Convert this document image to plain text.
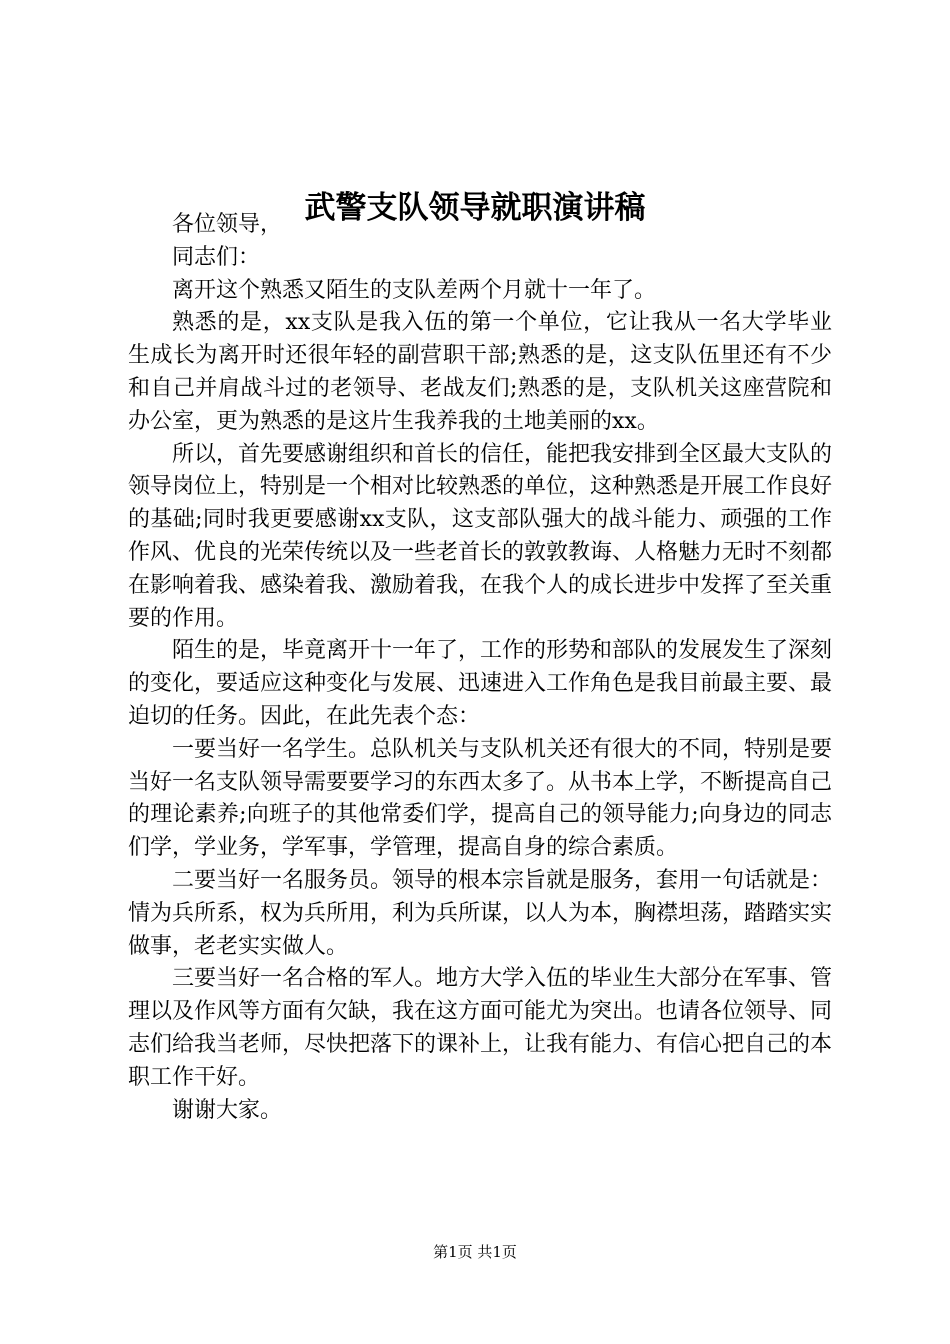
武警支队领导就职演讲稿

各位领导，

同志们：

离开这个熟悉又陌生的支队差两个月就十一年了。

熟悉的是，xx支队是我入伍的第一个单位，它让我从一名大学毕业生成长为离开时还很年轻的副营职干部;熟悉的是，这支队伍里还有不少和自己并肩战斗过的老领导、老战友们;熟悉的是，支队机关这座营院和办公室，更为熟悉的是这片生我养我的土地美丽的xx。

所以，首先要感谢组织和首长的信任，能把我安排到全区最大支队的领导岗位上，特别是一个相对比较熟悉的单位，这种熟悉是开展工作良好的基础;同时我更要感谢xx支队，这支部队强大的战斗能力、顽强的工作作风、优良的光荣传统以及一些老首长的敦敦教诲、人格魅力无时不刻都在影响着我、感染着我、激励着我，在我个人的成长进步中发挥了至关重要的作用。

陌生的是，毕竟离开十一年了，工作的形势和部队的发展发生了深刻的变化，要适应这种变化与发展、迅速进入工作角色是我目前最主要、最迫切的任务。因此，在此先表个态：

一要当好一名学生。总队机关与支队机关还有很大的不同，特别是要当好一名支队领导需要要学习的东西太多了。从书本上学，不断提高自己的理论素养;向班子的其他常委们学，提高自己的领导能力;向身边的同志们学，学业务，学军事，学管理，提高自身的综合素质。

二要当好一名服务员。领导的根本宗旨就是服务，套用一句话就是：情为兵所系，权为兵所用，利为兵所谋，以人为本，胸襟坦荡，踏踏实实做事，老老实实做人。

三要当好一名合格的军人。地方大学入伍的毕业生大部分在军事、管理以及作风等方面有欠缺，我在这方面可能尤为突出。也请各位领导、同志们给我当老师，尽快把落下的课补上，让我有能力、有信心把自己的本职工作干好。

谢谢大家。

第1页 共1页
